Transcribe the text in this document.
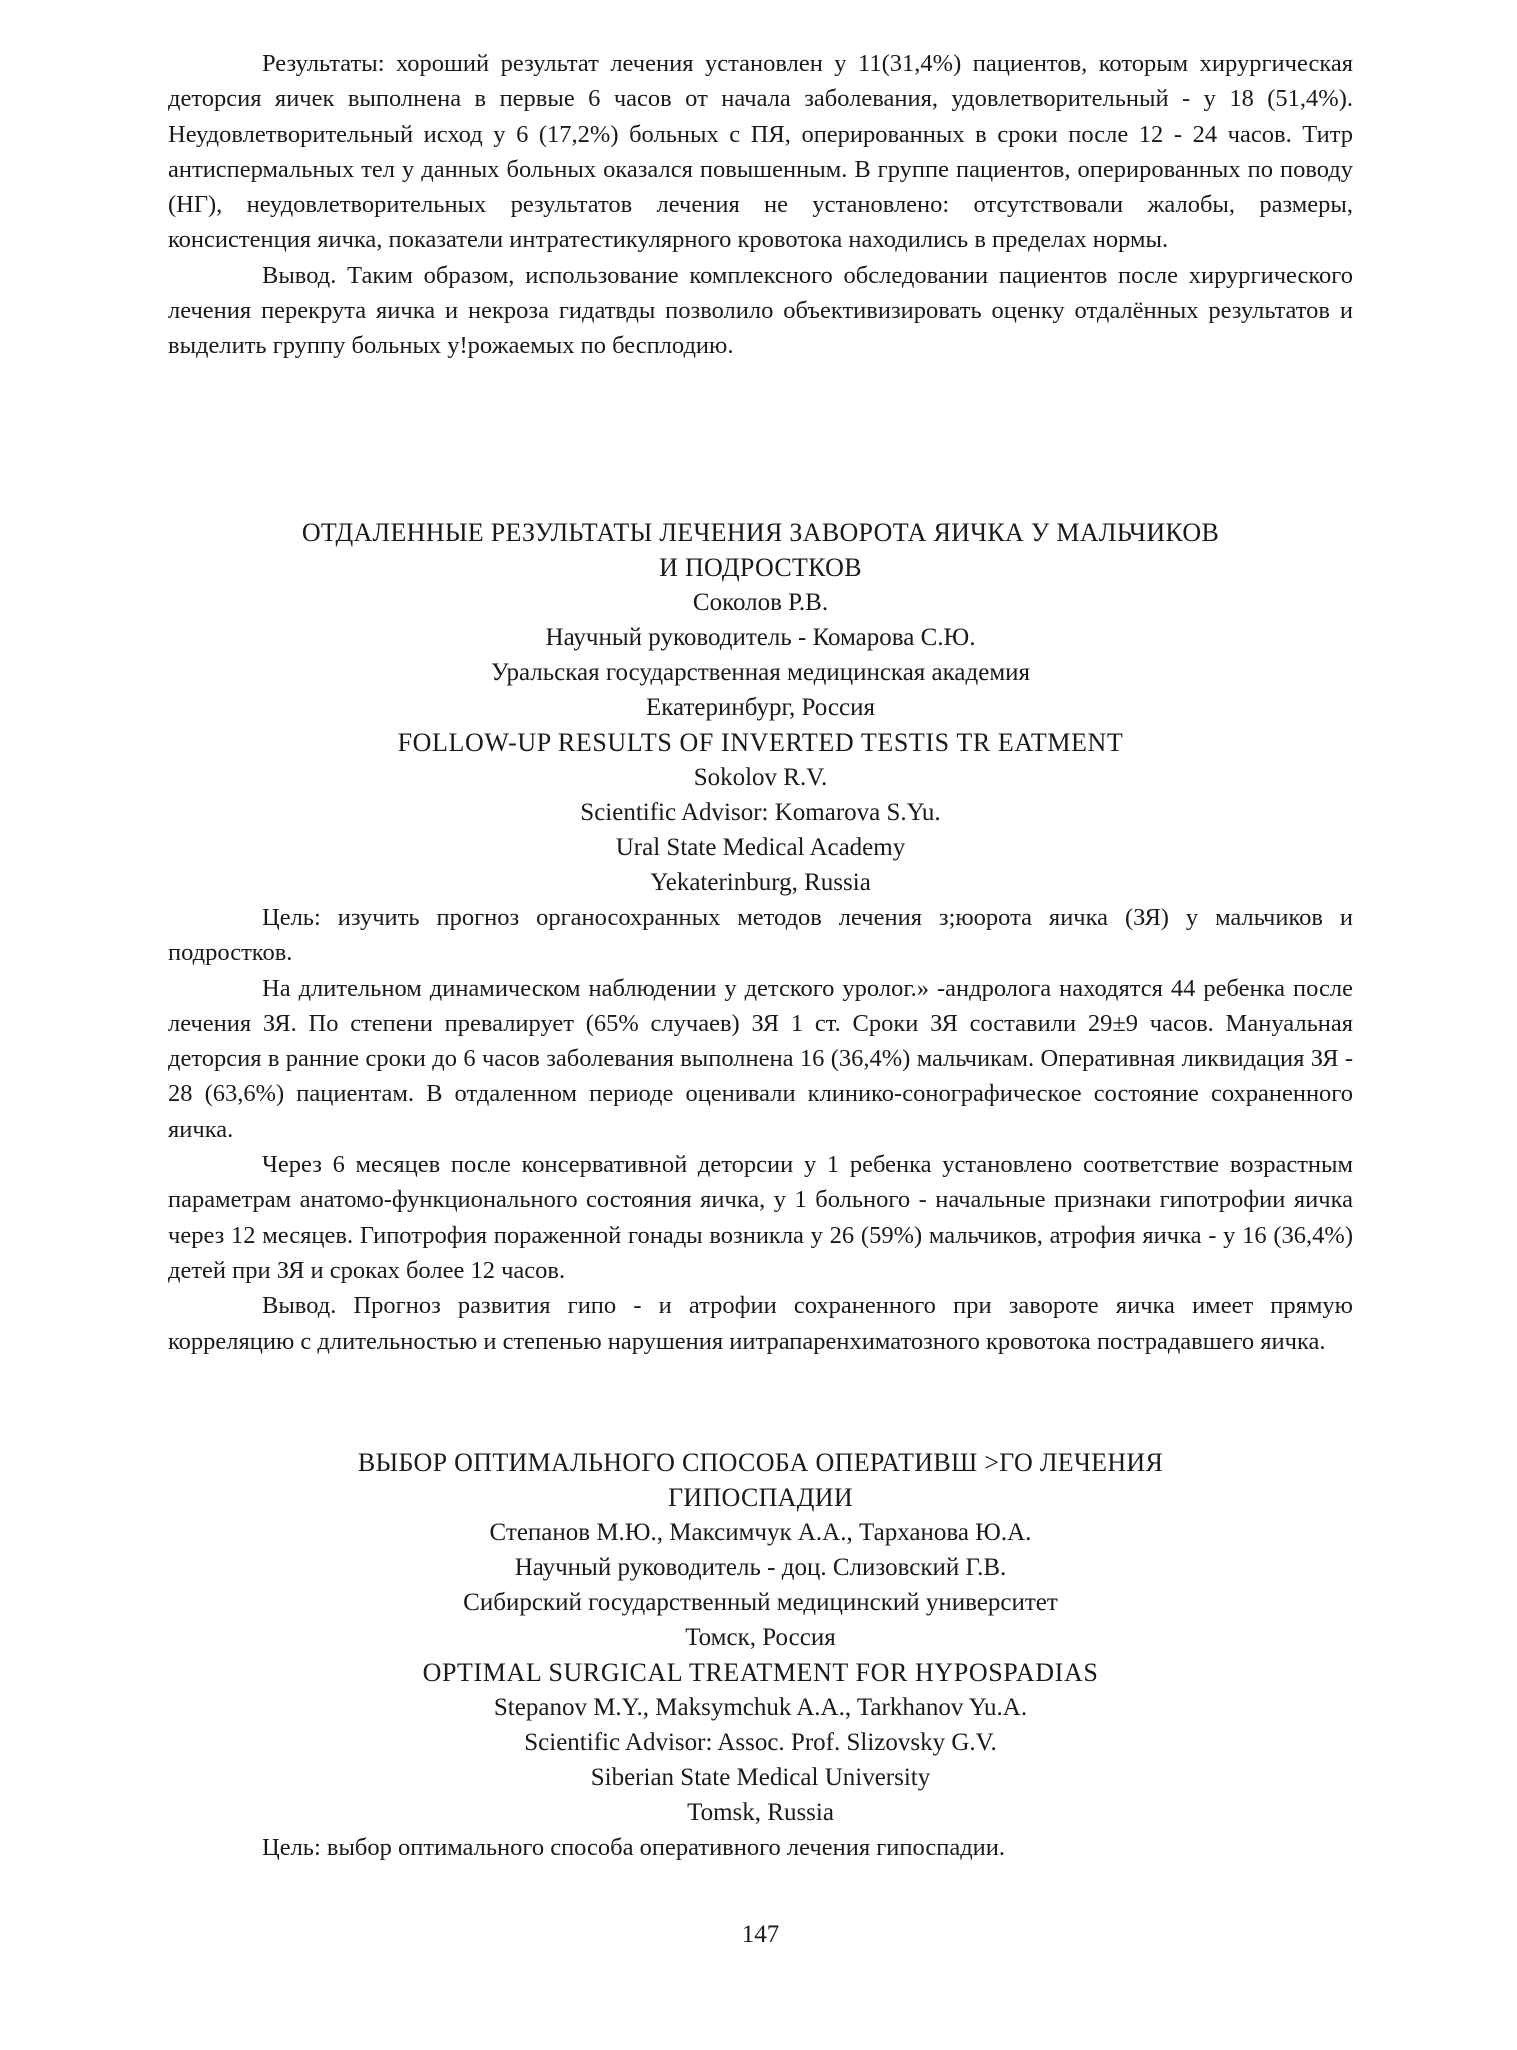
Результаты: хороший результат лечения установлен у 11(31,4%) пациентов, которым хирургическая деторсия яичек выполнена в первые 6 часов от начала заболевания, удовлетворительный - у 18 (51,4%). Неудовлетворительный исход у 6 (17,2%) больных с ПЯ, оперированных в сроки после 12 - 24 часов. Титр антиспермальных тел у данных больных оказался повышенным. В группе пациентов, оперированных по поводу (НГ), неудовлетворительных результатов лечения не установлено: отсутствовали жалобы, размеры, консистенция яичка, показатели интратестикулярного кровотока находились в пределах нормы.

Вывод. Таким образом, использование комплексного обследовании пациентов после хирургического лечения перекрута яичка и некроза гидатвды позволило объективизировать оценку отдалённых результатов и выделить группу больных у!рожаемых по бесплодию.

ОТДАЛЕННЫЕ РЕЗУЛЬТАТЫ ЛЕЧЕНИЯ ЗАВОРОТА ЯИЧКА У МАЛЬЧИКОВ
И ПОДРОСТКОВ

Соколов Р.В.

Научный руководитель - Комарова С.Ю.

Уральская государственная медицинская академия

Екатеринбург, Россия

FOLLOW-UP RESULTS OF INVERTED TESTIS TR EATMENT

Sokolov R.V.

Scientific Advisor: Komarova S.Yu.

Ural State Medical Academy

Yekaterinburg, Russia

Цель: изучить прогноз органосохранных методов лечения з;юорота яичка (ЗЯ) у мальчиков и подростков.

На длительном динамическом наблюдении у детского уролог.» -андролога находятся 44 ребенка после лечения ЗЯ. По степени превалирует (65% случаев) ЗЯ 1 ст. Сроки ЗЯ составили 29±9 часов. Мануальная деторсия в ранние сроки до 6 часов заболевания выполнена 16 (36,4%) мальчикам. Оперативная ликвидация ЗЯ - 28 (63,6%) пациентам. В отдаленном периоде оценивали клинико-сонографическое состояние сохраненного яичка.

Через 6 месяцев после консервативной деторсии у 1 ребенка установлено соответствие возрастным параметрам анатомо-функционального состояния яичка, у 1 больного - начальные признаки гипотрофии яичка через 12 месяцев. Гипотрофия пораженной гонады возникла у 26 (59%) мальчиков, атрофия яичка - у 16 (36,4%) детей при ЗЯ и сроках более 12 часов.

Вывод. Прогноз развития гипо - и атрофии сохраненного при завороте яичка имеет прямую корреляцию с длительностью и степенью нарушения иитрапаренхиматозного кровотока пострадавшего яичка.

ВЫБОР ОПТИМАЛЬНОГО СПОСОБА ОПЕРАТИВШ >ГО ЛЕЧЕНИЯ
ГИПОСПАДИИ

Степанов М.Ю., Максимчук А.А., Тарханова Ю.А.

Научный руководитель - доц. Слизовский Г.В.

Сибирский государственный медицинский университет

Томск, Россия

OPTIMAL SURGICAL TREATMENT FOR HYPOSPADIAS

Stepanov M.Y., Maksymchuk A.A., Tarkhanov Yu.A.

Scientific Advisor: Assoc. Prof. Slizovsky G.V.

Siberian State Medical University

Tomsk, Russia

Цель: выбор оптимального способа оперативного лечения гипоспадии.

147
